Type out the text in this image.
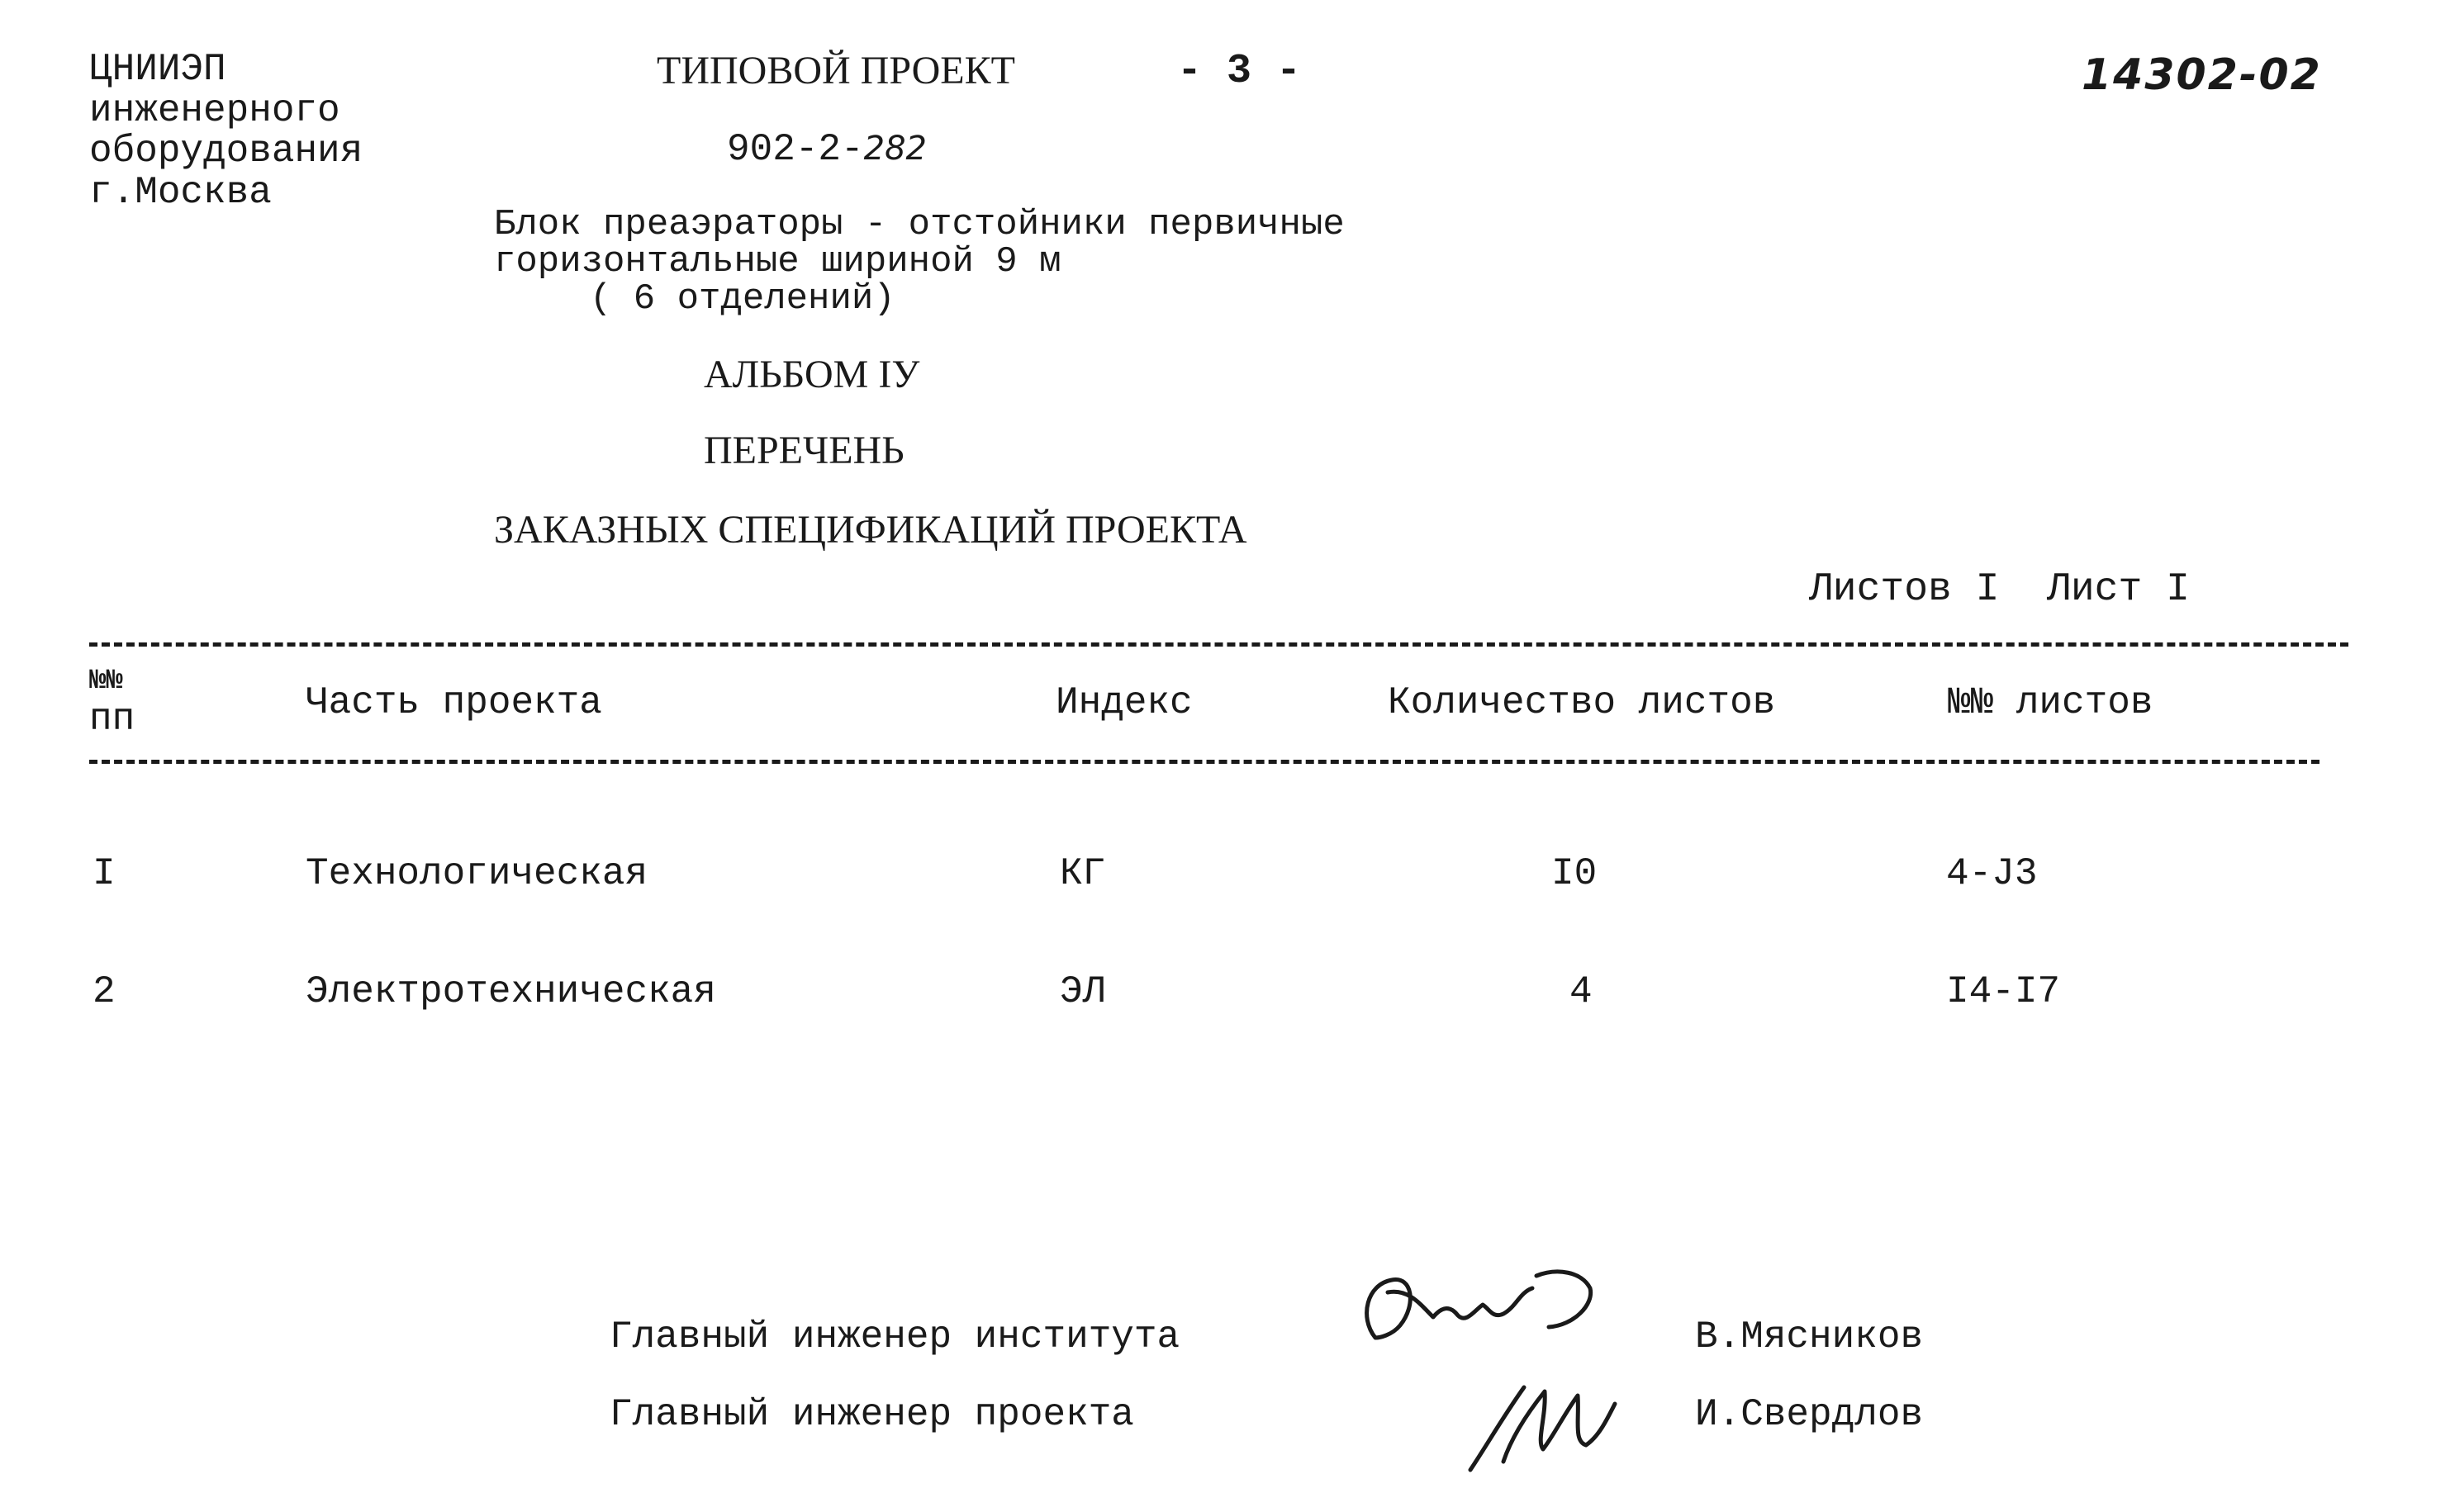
ЦНИИЭП
инженерного
оборудования
г.Москва
ТИПОВОЙ ПРОЕКТ	- 3 -	14302-02
902-2-282
Блок преаэраторы - отстойники первичные
горизонтальные шириной 9 м
( 6 отделений)
АЛЬБОМ IУ
ПЕРЕЧЕНЬ
ЗАКАЗНЫХ СПЕЦИФИКАЦИЙ ПРОЕКТА
Листов I  Лист I
№№
пп	Часть проекта	Индекс	Количество листов	№№ листов
I	Технологическая	КГ	I0	4-J3
2	Электротехническая	ЭЛ	4	I4-I7
Главный инженер института	В.Мясников
Главный инженер проекта	И.Свердлов
